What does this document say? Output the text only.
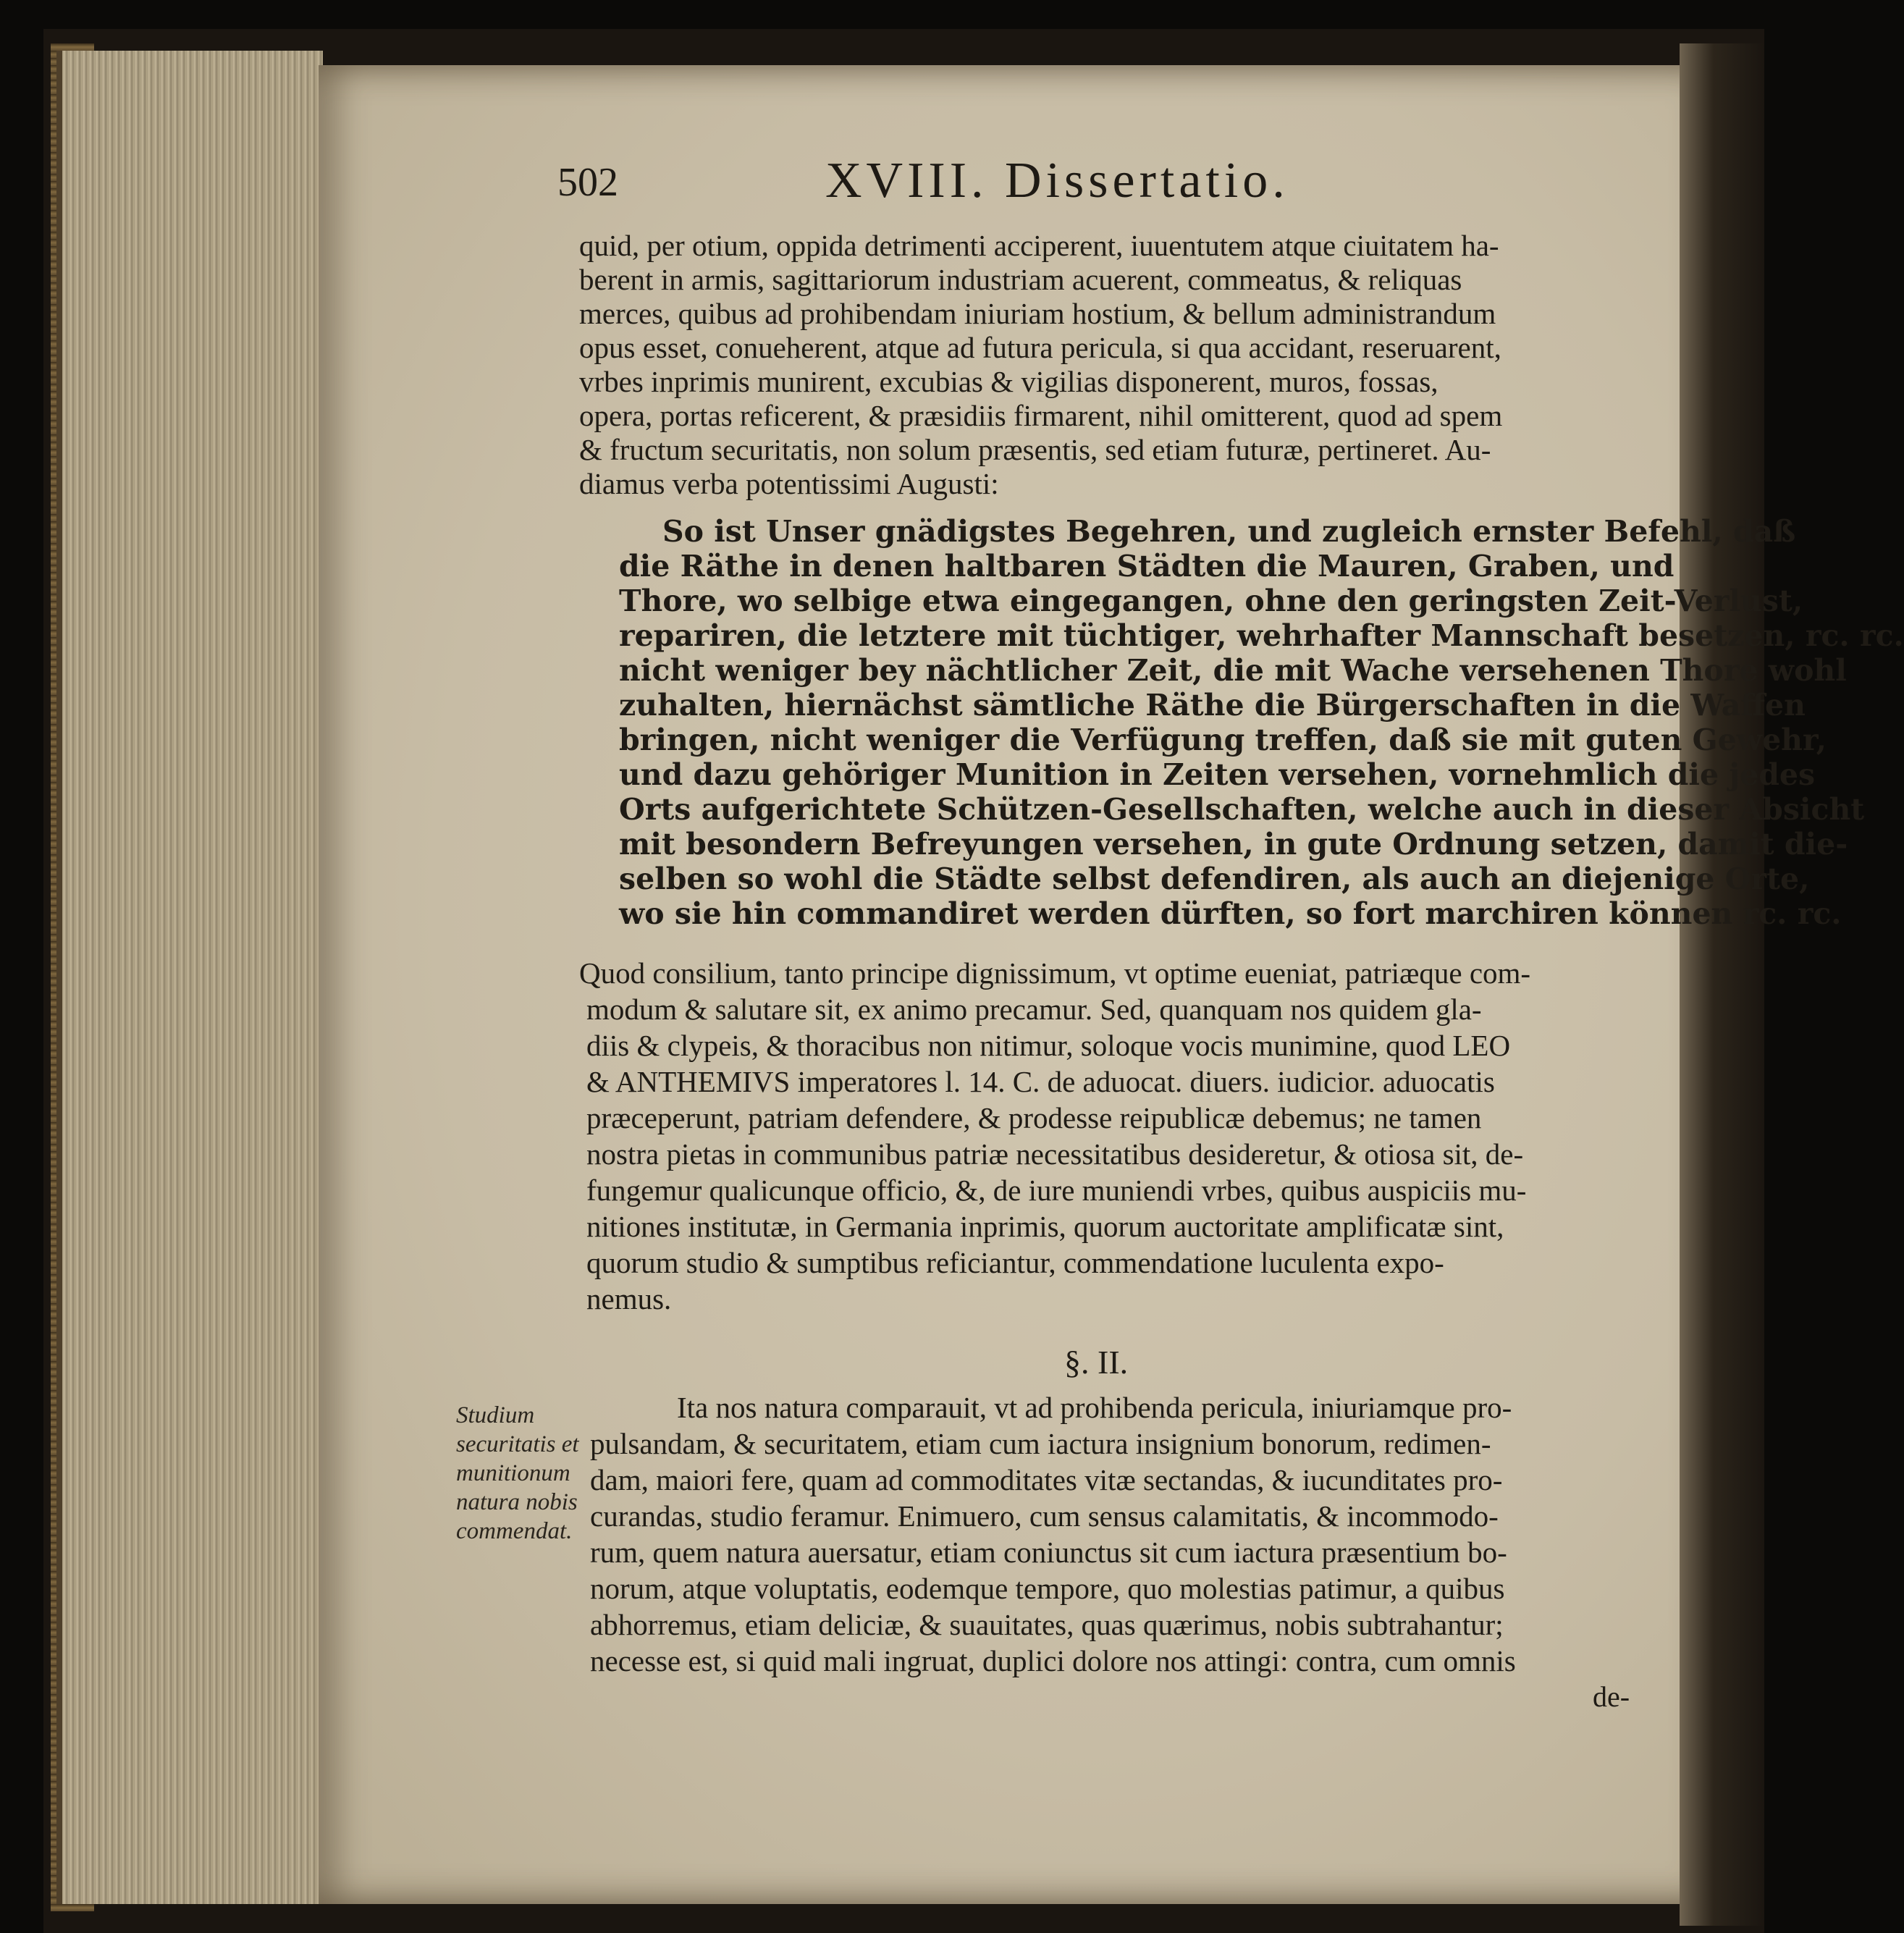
502	XVIII. Dissertatio.
quid, per otium, oppida detrimenti acciperent, iuuentutem atque ciuitatem ha-
berent in armis, sagittariorum industriam acuerent, commeatus, & reliquas
merces, quibus ad prohibendam iniuriam hostium, & bellum administrandum
opus esset, conueherent, atque ad futura pericula, si qua accidant, reseruarent,
vrbes inprimis munirent, excubias & vigilias disponerent, muros, fossas,
opera, portas reficerent, & præsidiis firmarent, nihil omitterent, quod ad spem
& fructum securitatis, non solum præsentis, sed etiam futuræ, pertineret. Au-
diamus verba potentissimi Augusti:
So ist Unser gnädigstes Begehren, und zugleich ernster Befehl, daß
die Räthe in denen haltbaren Städten die Mauren, Graben, und
Thore, wo selbige etwa eingegangen, ohne den geringsten Zeit-Verlust,
repariren, die letztere mit tüchtiger, wehrhafter Mannschaft besetzen, rc. rc.
nicht weniger bey nächtlicher Zeit, die mit Wache versehenen Thore wohl
zuhalten, hiernächst sämtliche Räthe die Bürgerschaften in die Waffen
bringen, nicht weniger die Verfügung treffen, daß sie mit guten Gewehr,
und dazu gehöriger Munition in Zeiten versehen, vornehmlich die jedes
Orts aufgerichtete Schützen-Gesellschaften, welche auch in dieser Absicht
mit besondern Befreyungen versehen, in gute Ordnung setzen, damit die-
selben so wohl die Städte selbst defendiren, als auch an diejenige Orte,
wo sie hin commandiret werden dürften, so fort marchiren können rc. rc.
Quod consilium, tanto principe dignissimum, vt optime eueniat, patriæque com-
modum & salutare sit, ex animo precamur. Sed, quanquam nos quidem gla-
diis & clypeis, & thoracibus non nitimur, soloque vocis munimine, quod LEO
& ANTHEMIVS imperatores l. 14. C. de aduocat. diuers. iudicior. aduocatis
præceperunt, patriam defendere, & prodesse reipublicæ debemus; ne tamen
nostra pietas in communibus patriæ necessitatibus desideretur, & otiosa sit, de-
fungemur qualicunque officio, &, de iure muniendi vrbes, quibus auspiciis mu-
nitiones institutæ, in Germania inprimis, quorum auctoritate amplificatæ sint,
quorum studio & sumptibus reficiantur, commendatione luculenta expo-
nemus.
§. II.
Studium
securitatis et
munitionum
natura nobis
commendat.
Ita nos natura comparauit, vt ad prohibenda pericula, iniuriamque pro-
pulsandam, & securitatem, etiam cum iactura insignium bonorum, redimen-
dam, maiori fere, quam ad commoditates vitæ sectandas, & iucunditates pro-
curandas, studio feramur. Enimuero, cum sensus calamitatis, & incommodo-
rum, quem natura auersatur, etiam coniunctus sit cum iactura præsentium bo-
norum, atque voluptatis, eodemque tempore, quo molestias patimur, a quibus
abhorremus, etiam deliciæ, & suauitates, quas quærimus, nobis subtrahantur;
necesse est, si quid mali ingruat, duplici dolore nos attingi: contra, cum omnis
de-
